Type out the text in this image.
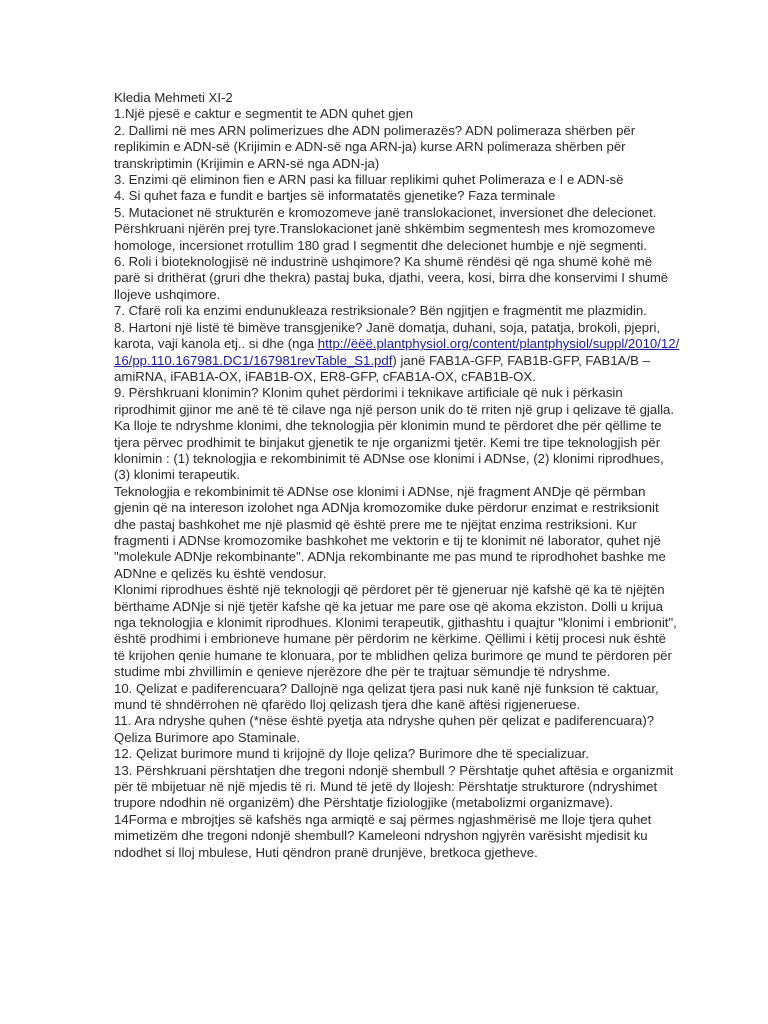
Kledia Mehmeti XI-2

1.Një pjesë e caktur e segmentit te ADN quhet gjen

2. Dallimi në mes ARN polimerizues dhe ADN polimerazës? ADN polimeraza shërben për replikimin e ADN-së (Krijimin e ADN-së nga ARN-ja) kurse ARN polimeraza shërben për transkriptimin (Krijimin e ARN-së nga ADN-ja)

3. Enzimi që eliminon fien e ARN pasi ka filluar replikimi quhet Polimeraza e I e ADN-së

4. Si quhet faza e fundit e bartjes së informatatës gjenetike? Faza terminale

5. Mutacionet në strukturën e kromozomeve janë translokacionet, inversionet dhe delecionet. Përshkruani njërën prej tyre.Translokacionet janë shkëmbim segmentesh mes kromozomeve homologe, incersionet rrotullim 180 grad I segmentit dhe delecionet humbje e një segmenti.

6. Roli i bioteknologjisë në industrinë ushqimore? Ka shumë rëndësi që nga shumë kohë më parë si drithërat (gruri dhe thekra) pastaj buka, djathi, veera, kosi, birra dhe konservimi I shumë llojeve ushqimore.

7. Cfarë roli ka enzimi endunukleaza restriksionale? Bën ngjitjen e fragmentit me plazmidin.

8. Hartoni një listë të bimëve transgjenike? Janë domatja, duhani, soja, patatja, brokoli, pjepri, karota, vaji kanola etj.. si dhe (nga http://ëëë.plantphysiol.org/content/plantphysiol/suppl/2010/12/16/pp.110.167981.DC1/167981revTable_S1.pdf) janë FAB1A-GFP, FAB1B-GFP, FAB1A/B –amiRNA, iFAB1A-OX, iFAB1B-OX, ER8-GFP, cFAB1A-OX, cFAB1B-OX.

9. Përshkruani klonimin? Klonim quhet përdorimi i teknikave artificiale që nuk i përkasin riprodhimit gjinor me anë të të cilave nga një person unik do të rriten një grup i qelizave të gjalla. Ka lloje te ndryshme klonimi, dhe teknologjia për klonimin mund te përdoret dhe për qëllime te tjera përvec prodhimit te binjakut gjenetik te nje organizmi tjetër. Kemi tre tipe teknologjish për klonimin : (1) teknologjia e rekombinimit të ADNse ose klonimi i ADNse, (2) klonimi riprodhues, (3) klonimi terapeutik.

Teknologjia e rekombinimit të ADNse ose klonimi i ADNse, një fragment ANDje që përmban gjenin që na intereson izolohet nga ADNja kromozomike duke përdorur enzimat e restriksionit dhe pastaj bashkohet me një plasmid që është prere me te njëjtat enzima restriksioni. Kur fragmenti i ADNse kromozomike bashkohet me vektorin e tij te klonimit në laborator, quhet një "molekule ADNje rekombinante". ADNja rekombinante me pas mund te riprodhohet bashke me ADNne e qelizës ku është vendosur.

Klonimi riprodhues është një teknologji që përdoret për të gjeneruar një kafshë që ka të njëjtën bërthame ADNje si një tjetër kafshe që ka jetuar me pare ose që akoma ekziston. Dolli u krijua nga teknologjia e klonimit riprodhues. Klonimi terapeutik, gjithashtu i quajtur "klonimi i embrionit", është prodhimi i embrioneve humane për përdorim ne kërkime. Qëllimi i këtij procesi nuk është të krijohen qenie humane te klonuara, por te mblidhen qeliza burimore qe mund te përdoren për studime mbi zhvillimin e qenieve njerëzore dhe për te trajtuar sëmundje të ndryshme.

10. Qelizat e padiferencuara? Dallojnë nga qelizat tjera pasi nuk kanë një funksion të caktuar, mund të shndërrohen në qfarëdo lloj qelizash tjera dhe kanë aftësi rigjeneruese.

11. Ara ndryshe quhen (*nëse është pyetja ata ndryshe quhen për qelizat e padiferencuara)? Qeliza Burimore apo Staminale.

12. Qelizat burimore mund ti krijojnë dy lloje qeliza? Burimore dhe të specializuar.

13. Përshkruani përshtatjen dhe tregoni ndonjë shembull ? Përshtatje quhet aftësia e organizmit për të mbijetuar në një mjedis të ri. Mund të jetë dy llojesh: Përshtatje strukturore (ndryshimet trupore ndodhin në organizëm) dhe Përshtatje fiziologjike (metabolizmi organizmave).

14Forma e mbrojtjes së kafshës nga armiqtë e saj përmes ngjashmërisë me lloje tjera quhet mimetizëm dhe tregoni ndonjë shembull? Kameleoni ndryshon ngjyrën varësisht mjedisit ku ndodhet si lloj mbulese, Huti qëndron pranë drunjëve, bretkoca gjetheve.
